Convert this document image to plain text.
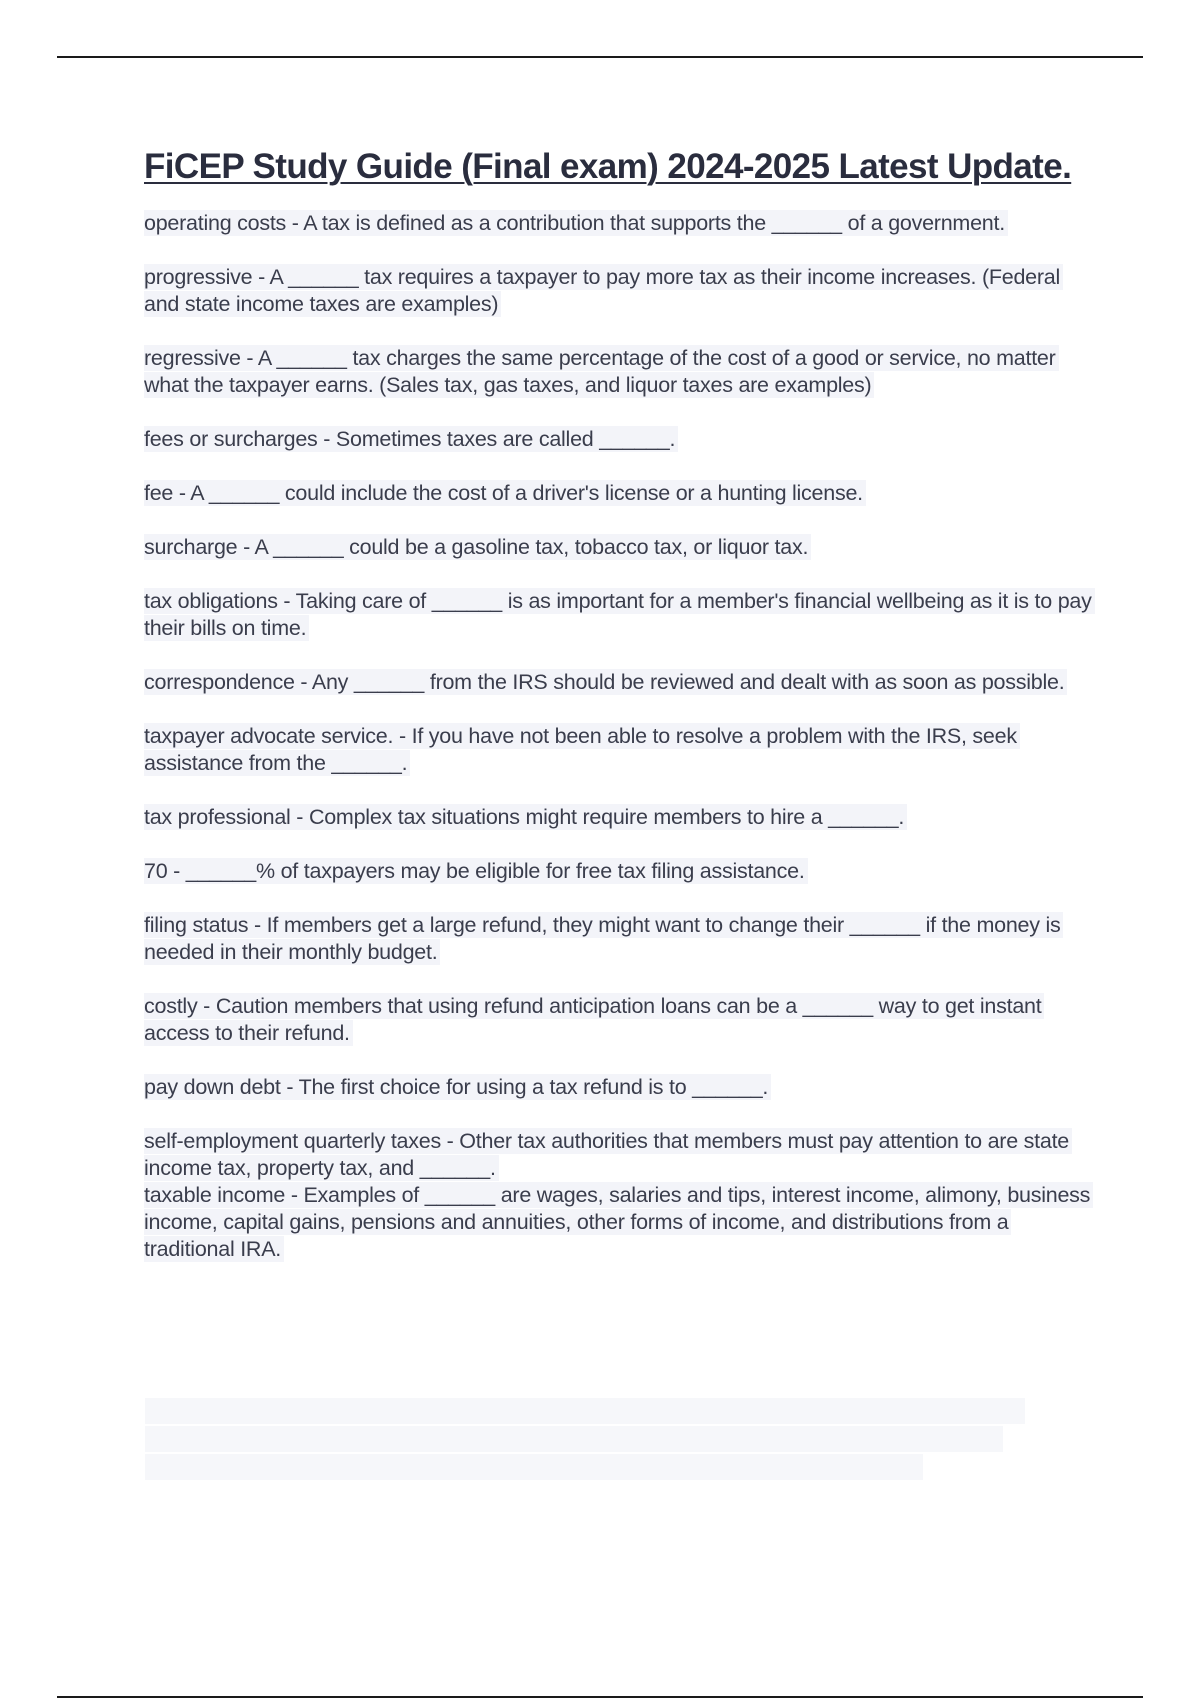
FiCEP Study Guide (Final exam) 2024-2025 Latest Update.

operating costs - A tax is defined as a contribution that supports the ______ of a government.

progressive - A ______ tax requires a taxpayer to pay more tax as their income increases. (Federal and state income taxes are examples)

regressive - A ______ tax charges the same percentage of the cost of a good or service, no matter what the taxpayer earns. (Sales tax, gas taxes, and liquor taxes are examples)

fees or surcharges - Sometimes taxes are called ______.

fee - A ______ could include the cost of a driver's license or a hunting license.

surcharge - A ______ could be a gasoline tax, tobacco tax, or liquor tax.

tax obligations - Taking care of ______ is as important for a member's financial wellbeing as it is to pay their bills on time.

correspondence - Any ______ from the IRS should be reviewed and dealt with as soon as possible.

taxpayer advocate service. - If you have not been able to resolve a problem with the IRS, seek assistance from the ______.

tax professional - Complex tax situations might require members to hire a ______.

70 - ______% of taxpayers may be eligible for free tax filing assistance.

filing status - If members get a large refund, they might want to change their ______ if the money is needed in their monthly budget.

costly - Caution members that using refund anticipation loans can be a ______ way to get instant access to their refund.

pay down debt - The first choice for using a tax refund is to ______.

self-employment quarterly taxes - Other tax authorities that members must pay attention to are state income tax, property tax, and ______.

taxable income - Examples of ______ are wages, salaries and tips, interest income, alimony, business income, capital gains, pensions and annuities, other forms of income, and distributions from a traditional IRA.
